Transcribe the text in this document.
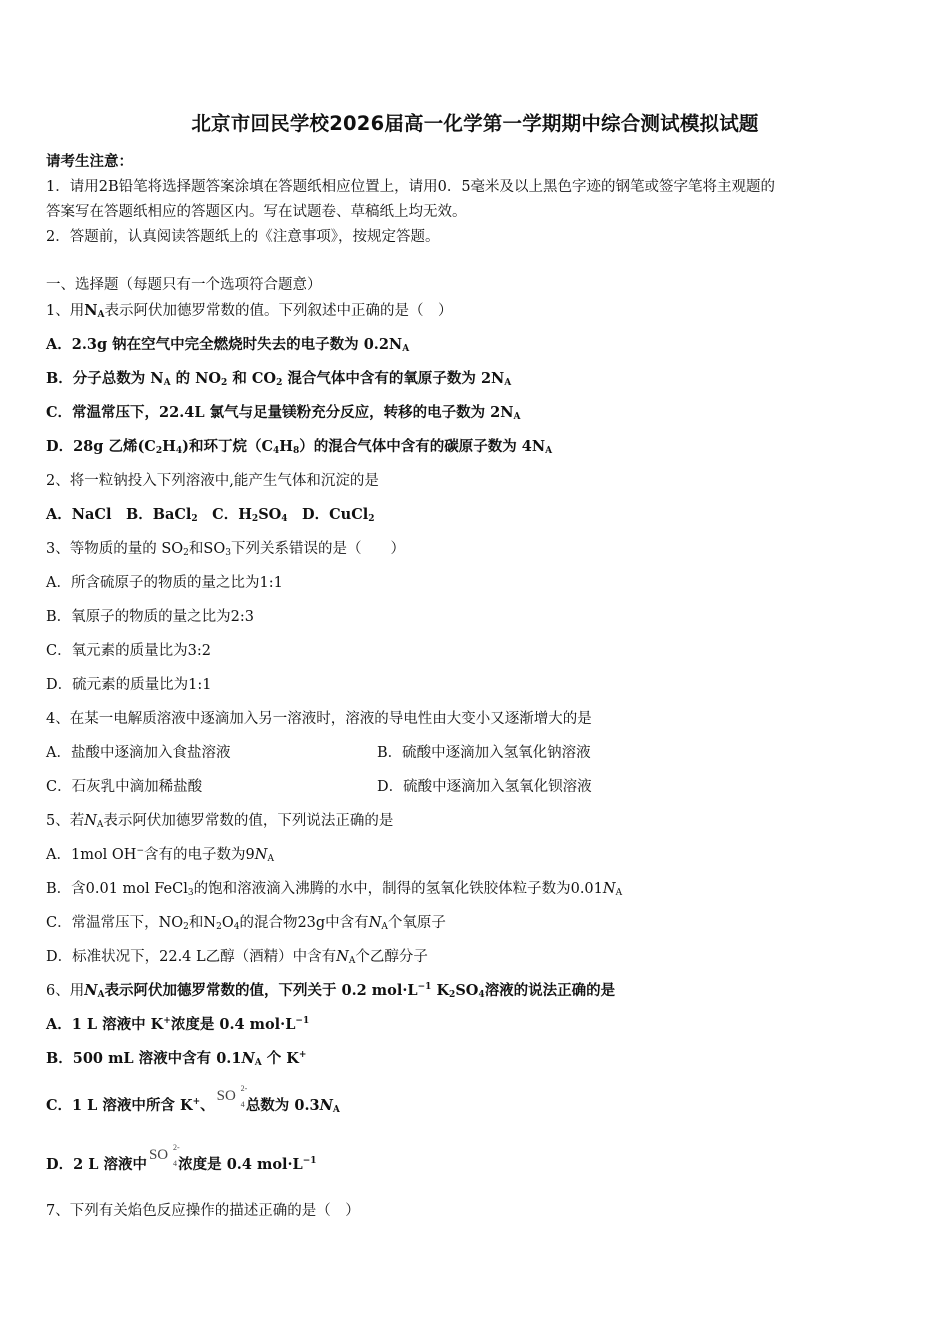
北京市回民学校2026届高一化学第一学期期中综合测试模拟试题
请考生注意：
1．请用2B铅笔将选择题答案涂填在答题纸相应位置上，请用0．5毫米及以上黑色字迹的钢笔或签字笔将主观题的
答案写在答题纸相应的答题区内。写在试题卷、草稿纸上均无效。
2．答题前，认真阅读答题纸上的《注意事项》，按规定答题。
一、选择题（每题只有一个选项符合题意）
1、用$N_A$表示阿伏加德罗常数的值。下列叙述中正确的是（　）
A．2.3g 钠在空气中完全燃烧时失去的电子数为 $0.2N_A$
B．分子总数为 $N_A$ 的 $NO_2$ 和 $CO_2$ 混合气体中含有的氧原子数为 $2N_A$
C．常温常压下，22.4L 氯气与足量镁粉充分反应，转移的电子数为 $2N_A$
D．28g 乙烯$(C_2H_4)$和环丁烷$(C_4H_8)$的混合气体中含有的碳原子数为 $4N_A$
2、将一粒钠投入下列溶液中,能产生气体和沉淀的是
A．NaCl　B．BaCl$_2$　C．$H_2SO_4$　D．CuCl$_2$
3、等物质的量的 $SO_2$和$SO_3$下列关系错误的是（　　）
A．所含硫原子的物质的量之比为1:1
B．氧原子的物质的量之比为2:3
C．氧元素的质量比为3:2
D．硫元素的质量比为1:1
4、在某一电解质溶液中逐滴加入另一溶液时，溶液的导电性由大变小又逐渐增大的是
A．盐酸中逐滴加入食盐溶液	B．硫酸中逐滴加入氢氧化钠溶液
C．石灰乳中滴加稀盐酸	D．硫酸中逐滴加入氢氧化钡溶液
5、若$N_A$表示阿伏加德罗常数的值，下列说法正确的是
A．1mol OH−含有的电子数为$9N_A$
B．含0.01 mol FeCl$_3$的饱和溶液滴入沸腾的水中，制得的氢氧化铁胶体粒子数为$0.01N_A$
C．常温常压下，$NO_2$和$N_2O_4$的混合物23g中含有$N_A$个氧原子
D．标准状况下，22.4 L乙醇（酒精）中含有$N_A$个乙醇分子
6、用$N_A$表示阿伏加德罗常数的值，下列关于 0.2 $mol\cdot L^{-1}$ $K_2SO_4$溶液的说法正确的是
A．1 L 溶液中 K+浓度是 0.4 $mol\cdot L^{-1}$
B．500 mL 溶液中含有 $0.1N_A$ 个 K+
C．1 L 溶液中所含 K+、SO
4
2-
总数为 $0.3N_A$
D．2 L 溶液中SO
4
2-
浓度是 0.4 $mol\cdot L^{-1}$
7、下列有关焰色反应操作的描述正确的是（　）
